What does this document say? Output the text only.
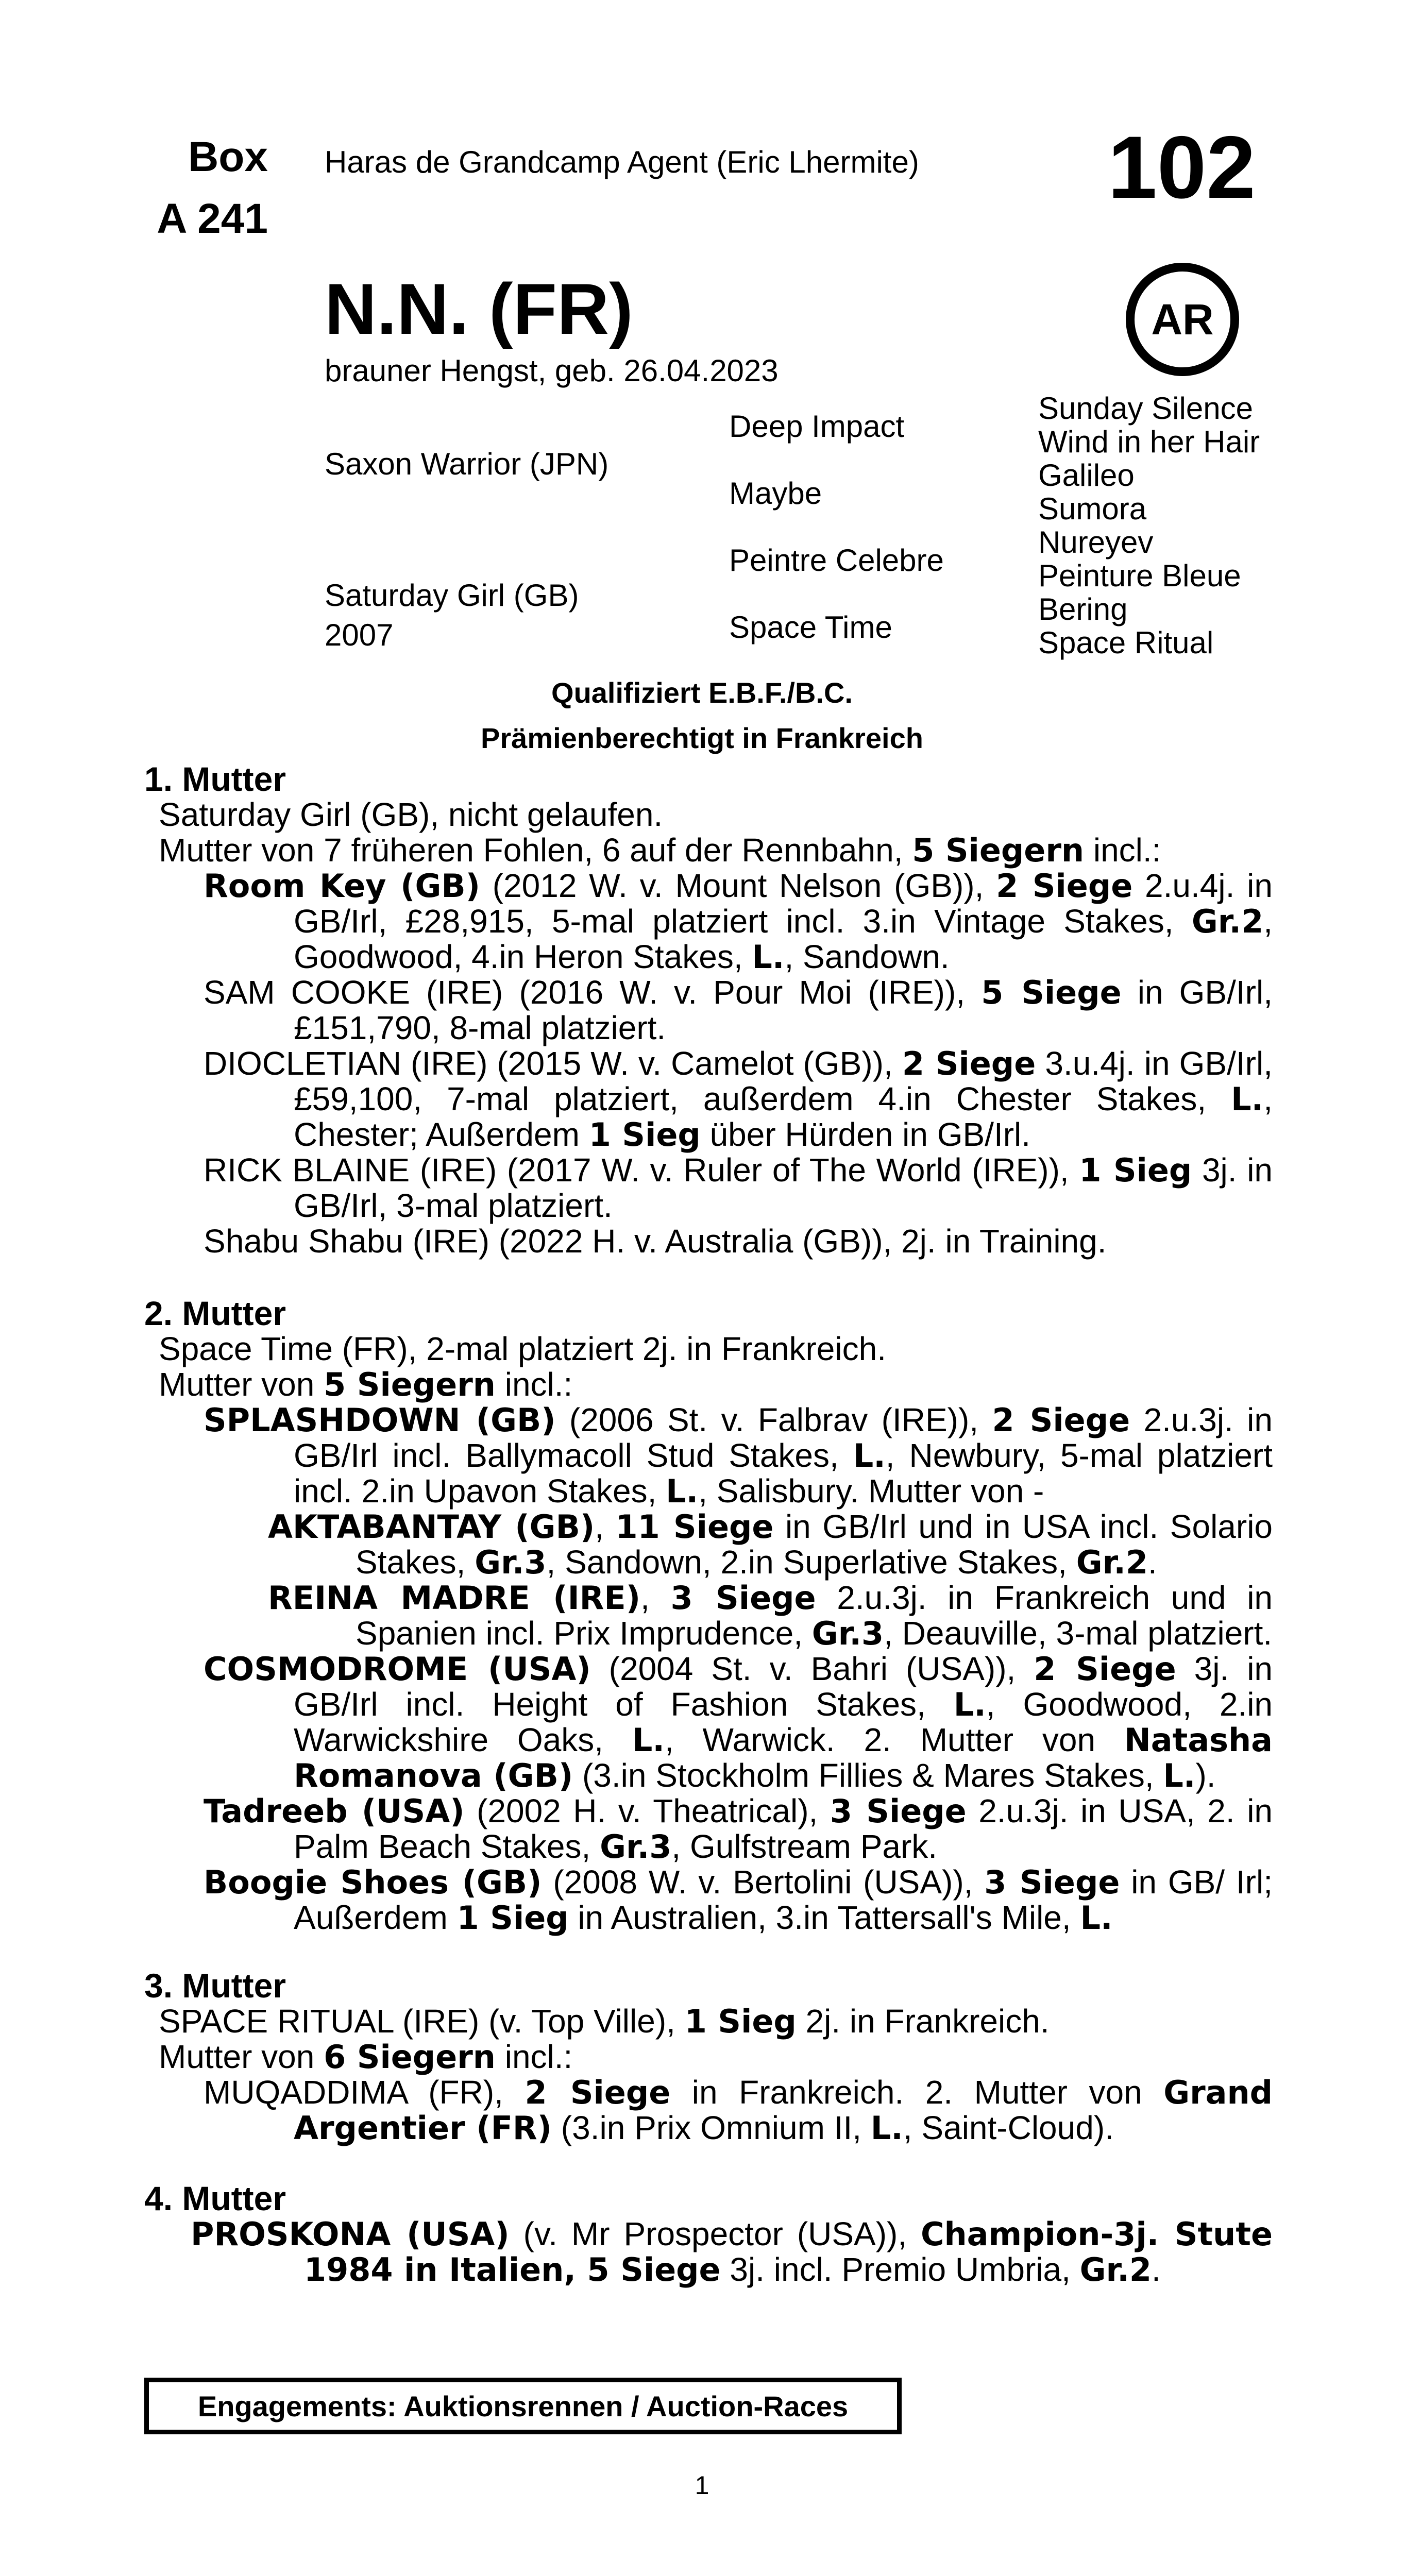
Box
A 241
Haras de Grandcamp Agent (Eric Lhermite) 102
AR
N.N. (FR)
brauner Hengst, geb. 26.04.2023
Saxon Warrior (JPN)
Saturday Girl (GB)
2007
Deep Impact
Maybe
Peintre Celebre
Space Time
Sunday Silence
Wind in her Hair
Galileo
Sumora
Nureyev
Peinture Bleue
Bering
Space Ritual
Qualifiziert E.B.F./B.C.
Prämienberechtigt in Frankreich

1. Mutter

Saturday Girl (GB), nicht gelaufen.

Mutter von 7 früheren Fohlen, 6 auf der Rennbahn, 5 Siegern incl.:

Room Key (GB) (2012 W. v. Mount Nelson (GB)), 2 Siege 2.u.4j. in GB/Irl, £28,915, 5-mal platziert incl. 3.in Vintage Stakes, Gr.2, Goodwood, 4.in Heron Stakes, L., Sandown.

SAM COOKE (IRE) (2016 W. v. Pour Moi (IRE)), 5 Siege in GB/Irl, £151,790, 8-mal platziert.

DIOCLETIAN (IRE) (2015 W. v. Camelot (GB)), 2 Siege 3.u.4j. in GB/Irl, £59,100, 7-mal platziert, außerdem 4.in Chester Stakes, L., Chester; Außerdem 1 Sieg über Hürden in GB/Irl.

RICK BLAINE (IRE) (2017 W. v. Ruler of The World (IRE)), 1 Sieg 3j. in GB/Irl, 3-mal platziert.

Shabu Shabu (IRE) (2022 H. v. Australia (GB)), 2j. in Training.

2. Mutter

Space Time (FR), 2-mal platziert 2j. in Frankreich.

Mutter von 5 Siegern incl.:

SPLASHDOWN (GB) (2006 St. v. Falbrav (IRE)), 2 Siege 2.u.3j. in GB/Irl incl. Ballymacoll Stud Stakes, L., Newbury, 5-mal platziert incl. 2.in Upavon Stakes, L., Salisbury. Mutter von -

AKTABANTAY (GB), 11 Siege in GB/Irl und in USA incl. Solario Stakes, Gr.3, Sandown, 2.in Superlative Stakes, Gr.2.

REINA MADRE (IRE), 3 Siege 2.u.3j. in Frankreich und in Spanien incl. Prix Imprudence, Gr.3, Deauville, 3-mal platziert.

COSMODROME (USA) (2004 St. v. Bahri (USA)), 2 Siege 3j. in GB/Irl incl. Height of Fashion Stakes, L., Goodwood, 2.in Warwickshire Oaks, L., Warwick. 2. Mutter von Natasha Romanova (GB) (3.in Stockholm Fillies & Mares Stakes, L.).

Tadreeb (USA) (2002 H. v. Theatrical), 3 Siege 2.u.3j. in USA, 2. in Palm Beach Stakes, Gr.3, Gulfstream Park.

Boogie Shoes (GB) (2008 W. v. Bertolini (USA)), 3 Siege in GB/ Irl; Außerdem 1 Sieg in Australien, 3.in Tattersall's Mile, L.

3. Mutter

SPACE RITUAL (IRE) (v. Top Ville), 1 Sieg 2j. in Frankreich.

Mutter von 6 Siegern incl.:

MUQADDIMA (FR), 2 Siege in Frankreich. 2. Mutter von Grand Argentier (FR) (3.in Prix Omnium II, L., Saint-Cloud).

4. Mutter

PROSKONA (USA) (v. Mr Prospector (USA)), Champion-3j. Stute 1984 in Italien, 5 Siege 3j. incl. Premio Umbria, Gr.2.

Engagements: Auktionsrennen / Auction-Races
1
